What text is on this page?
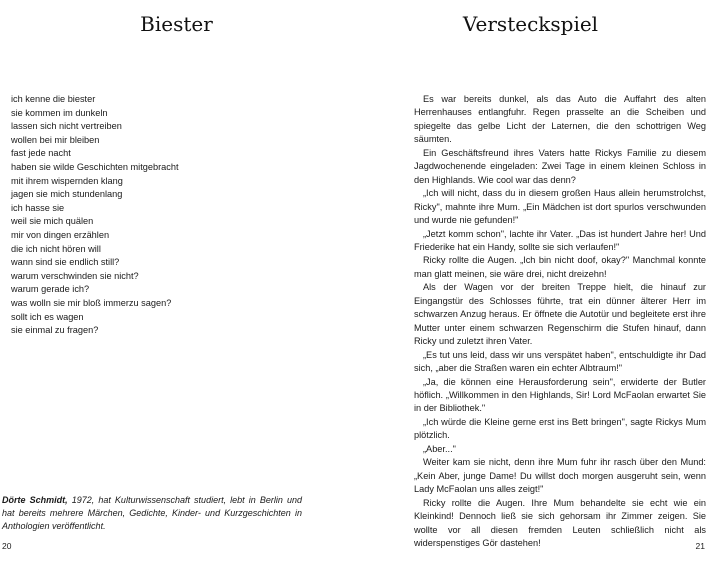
Biester
ich kenne die biester
sie kommen im dunkeln
lassen sich nicht vertreiben
wollen bei mir bleiben
fast jede nacht
haben sie wilde Geschichten mitgebracht
mit ihrem wispernden klang
jagen sie mich stundenlang
ich hasse sie
weil sie mich quälen
mir von dingen erzählen
die ich nicht hören will
wann sind sie endlich still?
warum verschwinden sie nicht?
warum gerade ich?
was wolln sie mir bloß immerzu sagen?
sollt ich es wagen
sie einmal zu fragen?

Dörte Schmidt, 1972, hat Kulturwissenschaft studiert, lebt in Berlin und hat bereits mehrere Märchen, Gedichte, Kinder- und Kurzgeschichten in Anthologien veröffentlicht.

20
Versteckspiel

Es war bereits dunkel, als das Auto die Auffahrt des alten Herrenhauses entlangfuhr. Regen prasselte an die Scheiben und spiegelte das gelbe Licht der Laternen, die den schottrigen Weg säumten.

Ein Geschäftsfreund ihres Vaters hatte Rickys Familie zu diesem Jagdwochenende eingeladen: Zwei Tage in einem kleinen Schloss in den Highlands. Wie cool war das denn?

„Ich will nicht, dass du in diesem großen Haus allein herumstrolchst, Ricky", mahnte ihre Mum. „Ein Mädchen ist dort spurlos verschwunden und wurde nie gefunden!"

„Jetzt komm schon", lachte ihr Vater. „Das ist hundert Jahre her! Und Friederike hat ein Handy, sollte sie sich verlaufen!"

Ricky rollte die Augen. „Ich bin nicht doof, okay?" Manchmal konnte man glatt meinen, sie wäre drei, nicht dreizehn!

Als der Wagen vor der breiten Treppe hielt, die hinauf zur Eingangstür des Schlosses führte, trat ein dünner älterer Herr im schwarzen Anzug heraus. Er öffnete die Autotür und begleitete erst ihre Mutter unter einem schwarzen Regenschirm die Stufen hinauf, dann Ricky und zuletzt ihren Vater.

„Es tut uns leid, dass wir uns verspätet haben", entschuldigte ihr Dad sich, „aber die Straßen waren ein echter Albtraum!"

„Ja, die können eine Herausforderung sein", erwiderte der Butler höflich. „Willkommen in den Highlands, Sir! Lord McFaolan erwartet Sie in der Bibliothek."

„Ich würde die Kleine gerne erst ins Bett bringen", sagte Rickys Mum plötzlich.

„Aber..."

Weiter kam sie nicht, denn ihre Mum fuhr ihr rasch über den Mund: „Kein Aber, junge Dame! Du willst doch morgen ausgeruht sein, wenn Lady McFaolan uns alles zeigt!"

Ricky rollte die Augen. Ihre Mum behandelte sie echt wie ein Kleinkind! Dennoch ließ sie sich gehorsam ihr Zimmer zeigen. Sie wollte vor all diesen fremden Leuten schließlich nicht als widerspenstiges Gör dastehen!	21
